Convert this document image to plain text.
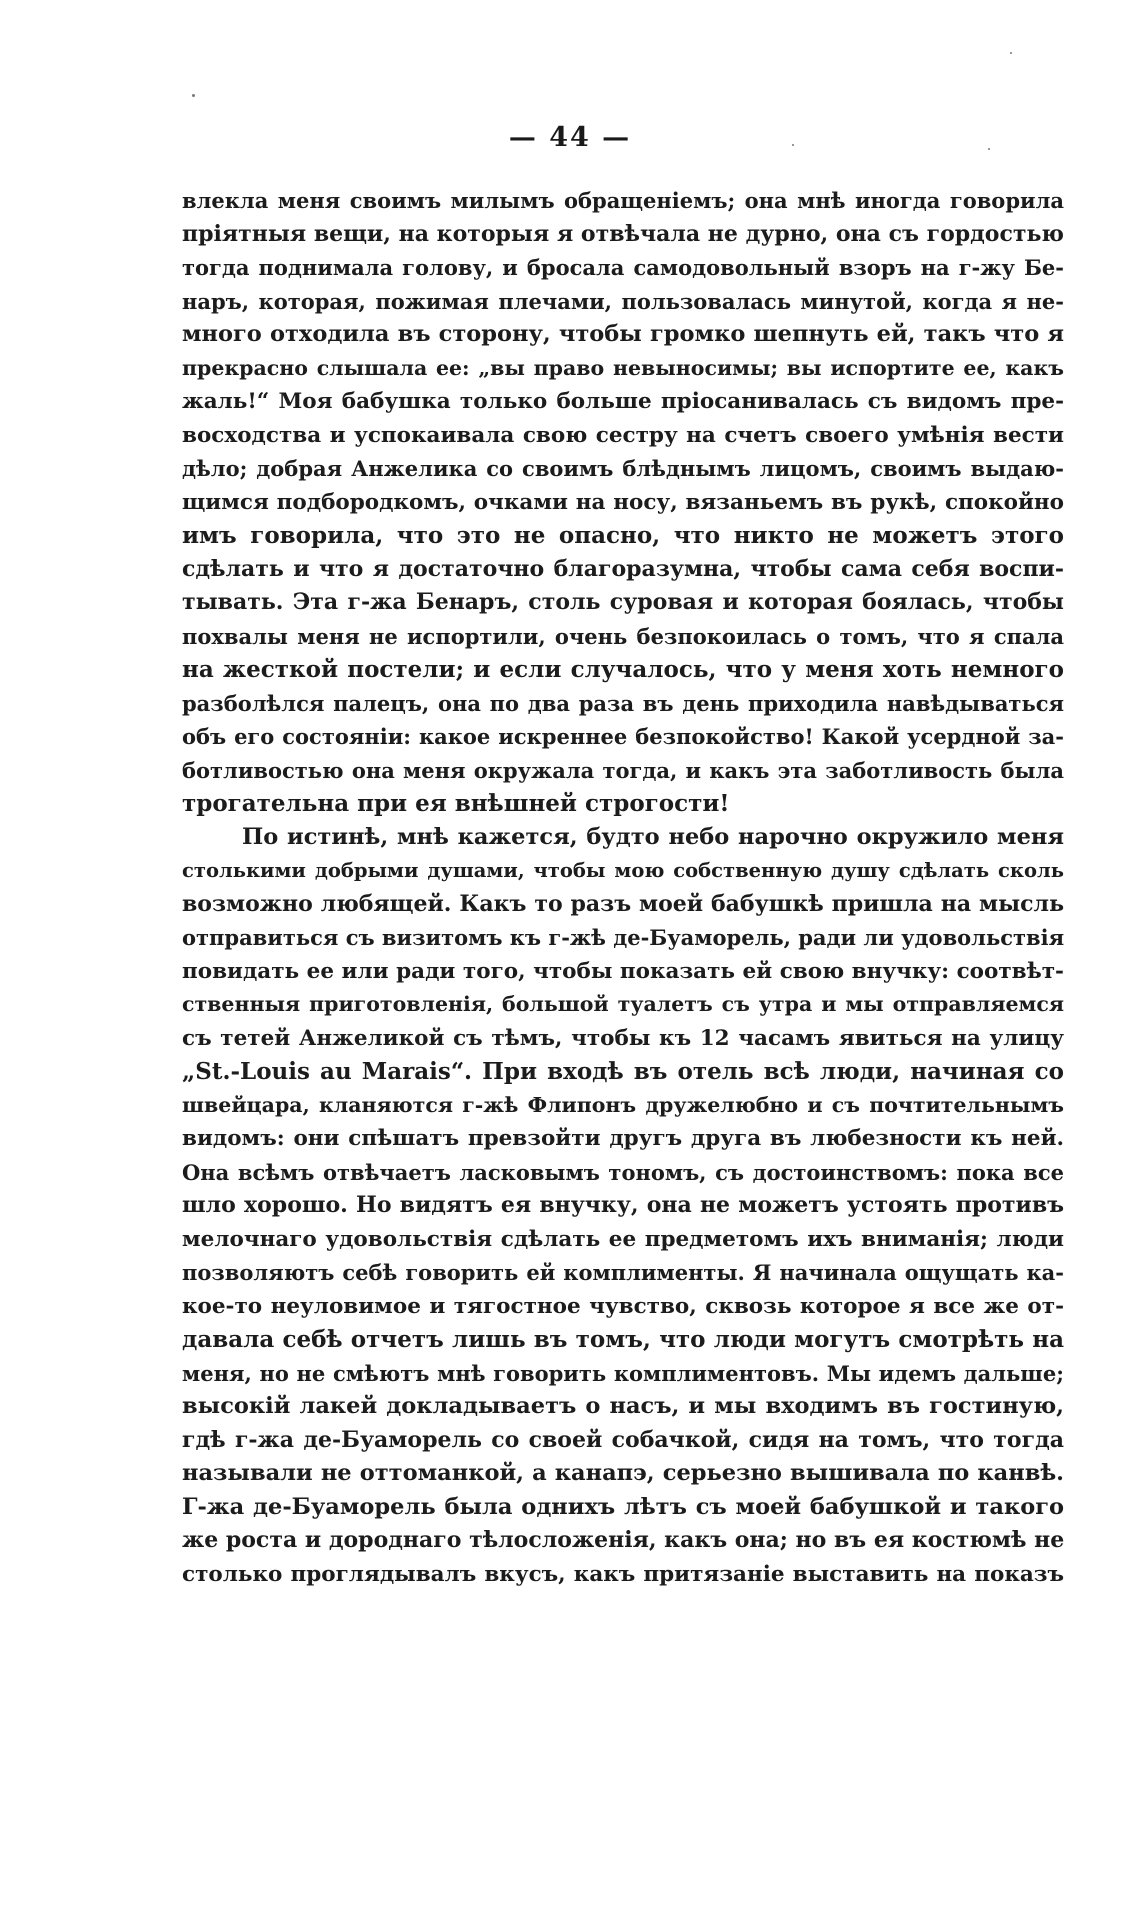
— 44 —
влекла меня своимъ милымъ обращеніемъ; она мнѣ иногда говорила
пріятныя вещи, на которыя я отвѣчала не дурно, она съ гордостью
тогда поднимала голову, и бросала самодовольный взоръ на г-жу Бе-
наръ, которая, пожимая плечами, пользовалась минутой, когда я не-
много отходила въ сторону, чтобы громко шепнуть ей, такъ что я
прекрасно слышала ее: „вы право невыносимы; вы испортите ее, какъ
жаль!“ Моя бабушка только больше пріосанивалась съ видомъ пре-
восходства и успокаивала свою сестру на счетъ своего умѣнія вести
дѣло; добрая Анжелика со своимъ блѣднымъ лицомъ, своимъ выдаю-
щимся подбородкомъ, очками на носу, вязаньемъ въ рукѣ, спокойно
имъ говорила, что это не опасно, что никто не можетъ этого
сдѣлать и что я достаточно благоразумна, чтобы сама себя воспи-
тывать. Эта г-жа Бенаръ, столь суровая и которая боялась, чтобы
похвалы меня не испортили, очень безпокоилась о томъ, что я спала
на жесткой постели; и если случалось, что у меня хоть немного
разболѣлся палецъ, она по два раза въ день приходила навѣдываться
объ его состояніи: какое искреннее безпокойство! Какой усердной за-
ботливостью она меня окружала тогда, и какъ эта заботливость была
трогательна при ея внѣшней строгости!
По истинѣ, мнѣ кажется, будто небо нарочно окружило меня
столькими добрыми душами, чтобы мою собственную душу сдѣлать сколь
возможно любящей. Какъ то разъ моей бабушкѣ пришла на мысль
отправиться съ визитомъ къ г-жѣ де-Буаморель, ради ли удовольствія
повидать ее или ради того, чтобы показать ей свою внучку: соотвѣт-
ственныя приготовленія, большой туалетъ съ утра и мы отправляемся
съ тетей Анжеликой съ тѣмъ, чтобы къ 12 часамъ явиться на улицу
„St.-Louis au Marais“. При входѣ въ отель всѣ люди, начиная со
швейцара, кланяются г-жѣ Флипонъ дружелюбно и съ почтительнымъ
видомъ: они спѣшатъ превзойти другъ друга въ любезности къ ней.
Она всѣмъ отвѣчаетъ ласковымъ тономъ, съ достоинствомъ: пока все
шло хорошо. Но видятъ ея внучку, она не можетъ устоять противъ
мелочнаго удовольствія сдѣлать ее предметомъ ихъ вниманія; люди
позволяютъ себѣ говорить ей комплименты. Я начинала ощущать ка-
кое-то неуловимое и тягостное чувство, сквозь которое я все же от-
давала себѣ отчетъ лишь въ томъ, что люди могутъ смотрѣть на
меня, но не смѣютъ мнѣ говорить комплиментовъ. Мы идемъ дальше;
высокій лакей докладываетъ о насъ, и мы входимъ въ гостиную,
гдѣ г-жа де-Буаморель со своей собачкой, сидя на томъ, что тогда
называли не оттоманкой, а канапэ, серьезно вышивала по канвѣ.
Г-жа де-Буаморель была однихъ лѣтъ съ моей бабушкой и такого
же роста и дороднаго тѣлосложенія, какъ она; но въ ея костюмѣ не
столько проглядывалъ вкусъ, какъ притязаніе выставить на показъ
